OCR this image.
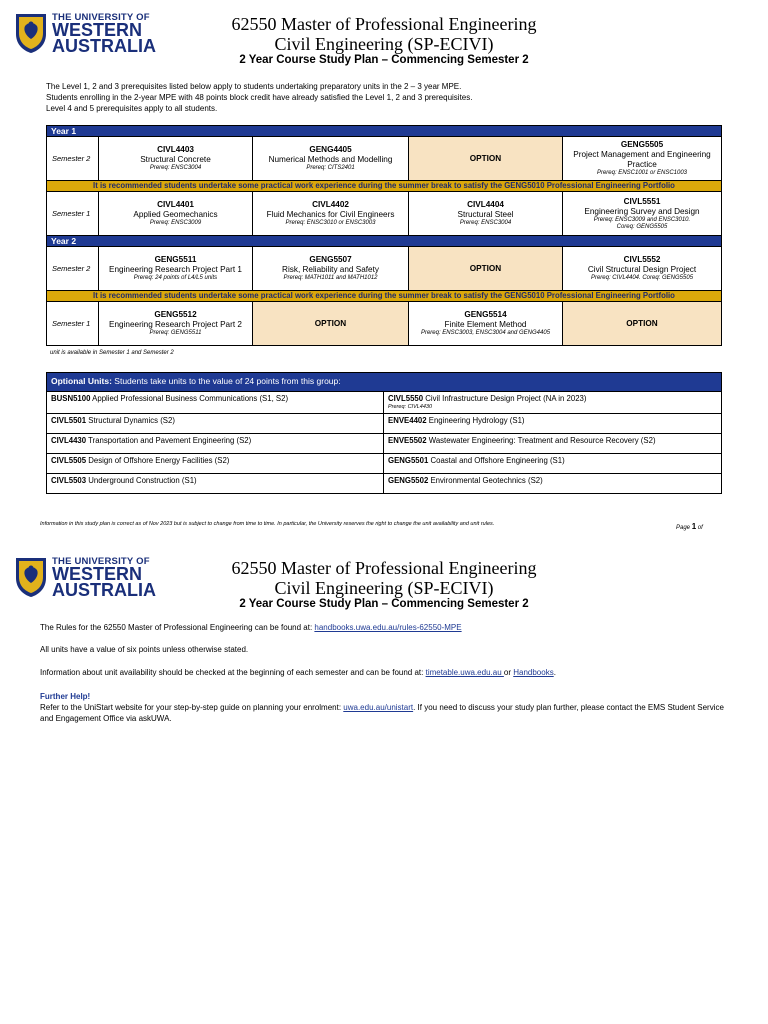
THE UNIVERSITY OF
WESTERN
AUSTRALIA
62550 Master of Professional Engineering
Civil Engineering (SP-ECIVI)
2 Year Course Study Plan – Commencing Semester 2
The Level 1, 2 and 3 prerequisites listed below apply to students undertaking preparatory units in the 2 – 3 year MPE.
Students enrolling in the 2-year MPE with 48 points block credit have already satisfied the Level 1, 2 and 3 prerequisites.
Level 4 and 5 prerequisites apply to all students.
Year 1				
Semester 2	CIVL4403
Structural Concrete
Prereq: ENSC3004	GENG4405
Numerical Methods and Modelling
Prereq: CITS2401	OPTION	GENG5505
Project Management and Engineering Practice
Prereq: ENSC1001 or ENSC1003

It is recommended students undertake some practical work experience during the summer break to satisfy the GENG5010 Professional Engineering Portfolio				
Semester 1	CIVL4401
Applied Geomechanics
Prereq: ENSC3009	CIVL4402
Fluid Mechanics for Civil Engineers
Prereq: ENSC3010 or ENSC3003	CIVL4404
Structural Steel
Prereq: ENSC3004	CIVL5551
Engineering Survey and Design
Prereq: ENSC3009 and ENSC3010.
Coreq: GENG5505

Year 2				
Semester 2	GENG5511
Engineering Research Project Part 1
Prereq: 24 points of L4/L5 units	GENG5507
Risk, Reliability and Safety
Prereq: MATH1011 and MATH1012	OPTION	CIVL5552
Civil Structural Design Project
Prereq: CIVL4404. Coreq: GENG5505

It is recommended students undertake some practical work experience during the summer break to satisfy the GENG5010 Professional Engineering Portfolio				
Semester 1	GENG5512
Engineering Research Project Part 2
Prereq: GENG5511	OPTION	GENG5514
Finite Element Method
Prereq: ENSC3003, ENSC3004 and GENG4405	OPTION
unit is available in Semester 1 and Semester 2
Optional Units: Students take units to the value of 24 points from this group:	
BUSN5100 Applied Professional Business Communications (S1, S2)	CIVL5550 Civil Infrastructure Design Project (NA in 2023)
Prereq: CIVL4430

CIVL5501 Structural Dynamics (S2)	ENVE4402 Engineering Hydrology (S1)
CIVL4430 Transportation and Pavement Engineering (S2)	ENVE5502 Wastewater Engineering: Treatment and Resource Recovery (S2)
CIVL5505 Design of Offshore Energy Facilities (S2)	GENG5501 Coastal and Offshore Engineering (S1)
CIVL5503 Underground Construction (S1)	GENG5502 Environmental Geotechnics (S2)
Information in this study plan is correct as of Nov 2023 but is subject to change from time to time. In particular, the University reserves the right to change the unit availability and unit rules.
Page 1 of
THE UNIVERSITY OF
WESTERN
AUSTRALIA
62550 Master of Professional Engineering
Civil Engineering (SP-ECIVI)
2 Year Course Study Plan – Commencing Semester 2
The Rules for the 62550 Master of Professional Engineering can be found at: handbooks.uwa.edu.au/rules-62550-MPE
All units have a value of six points unless otherwise stated.
Information about unit availability should be checked at the beginning of each semester and can be found at: timetable.uwa.edu.au or Handbooks.
Further Help!
Refer to the UniStart website for your step-by-step guide on planning your enrolment: uwa.edu.au/unistart. If you need to discuss your study plan further, please contact the EMS Student Service and Engagement Office via askUWA.
